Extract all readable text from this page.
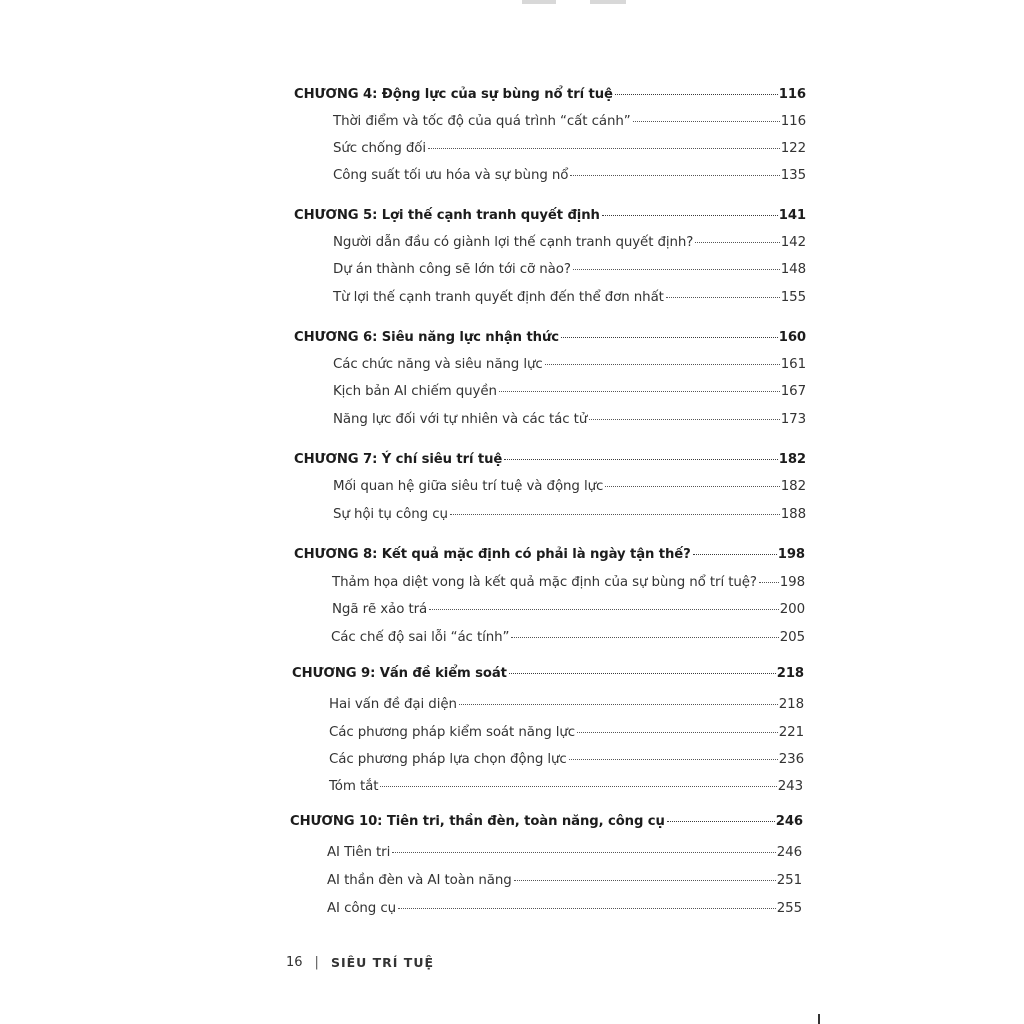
CHƯƠNG 4: Động lực của sự bùng nổ trí tuệ	116
Thời điểm và tốc độ của quá trình “cất cánh”	116
Sức chống đối	122
Công suất tối ưu hóa và sự bùng nổ	135
CHƯƠNG 5: Lợi thế cạnh tranh quyết định	141
Người dẫn đầu có giành lợi thế cạnh tranh quyết định?	142
Dự án thành công sẽ lớn tới cỡ nào?	148
Từ lợi thế cạnh tranh quyết định đến thể đơn nhất	155
CHƯƠNG 6: Siêu năng lực nhận thức	160
Các chức năng và siêu năng lực	161
Kịch bản AI chiếm quyền	167
Năng lực đối với tự nhiên và các tác tử	173
CHƯƠNG 7: Ý chí siêu trí tuệ	182
Mối quan hệ giữa siêu trí tuệ và động lực	182
Sự hội tụ công cụ	188
CHƯƠNG 8: Kết quả mặc định có phải là ngày tận thế?	198
Thảm họa diệt vong là kết quả mặc định của sự bùng nổ trí tuệ? 198
Ngã rẽ xảo trá	200
Các chế độ sai lỗi “ác tính”	205
CHƯƠNG 9: Vấn đề kiểm soát	218
Hai vấn đề đại diện	218
Các phương pháp kiểm soát năng lực	221
Các phương pháp lựa chọn động lực	236
Tóm tắt	243
CHƯƠNG 10: Tiên tri, thần đèn, toàn năng, công cụ	246
AI Tiên tri	246
AI thần đèn và AI toàn năng	251
AI công cụ	255
16 | SIÊU TRÍ TUỆ
